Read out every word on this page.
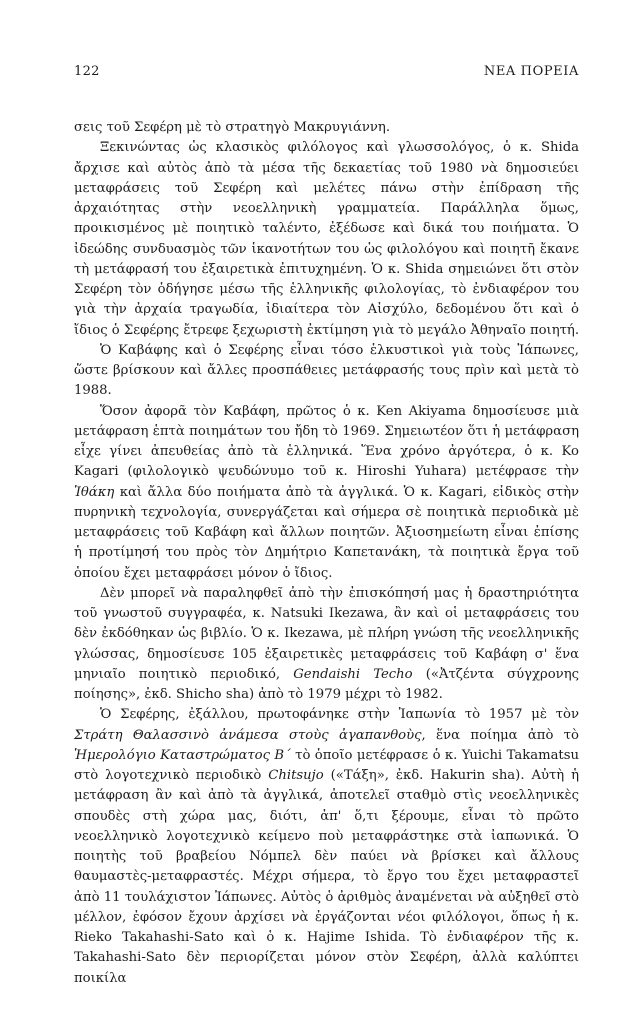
122	ΝΕΑ ΠΟΡΕΙΑ

σεις τοῦ Σεφέρη μὲ τὸ στρατηγὸ Μακρυγιάννη.

Ξεκινώντας ὡς κλασικὸς φιλόλογος καὶ γλωσσολόγος, ὁ κ. Shida ἄρχισε καὶ αὐτὸς ἀπὸ τὰ μέσα τῆς δεκαετίας τοῦ 1980 νὰ δημοσιεύει μεταφράσεις τοῦ Σεφέρη καὶ μελέτες πάνω στὴν ἐπίδραση τῆς ἀρχαιότητας στὴν νεοελληνικὴ γραμματεία. Παράλληλα ὅμως, προικισμένος μὲ ποιητικὸ ταλέντο, ἐξέδωσε καὶ δικά του ποιήματα. Ὁ ἰδεώδης συνδυασμὸς τῶν ἱκανοτήτων του ὡς φιλολόγου καὶ ποιητῆ ἔκανε τὴ μετάφρασή του ἐξαιρετικὰ ἐπιτυχημένη. Ὁ κ. Shida σημειώνει ὅτι στὸν Σεφέρη τὸν ὁδήγησε μέσω τῆς ἑλληνικῆς φιλολογίας, τὸ ἐνδιαφέρον του γιὰ τὴν ἀρχαία τραγωδία, ἰδιαίτερα τὸν Αἰσχύλο, δεδομένου ὅτι καὶ ὁ ἴδιος ὁ Σεφέρης ἔτρεφε ξεχωριστὴ ἐκτίμηση γιὰ τὸ μεγάλο Ἀθηναῖο ποιητή.

Ὁ Καβάφης καὶ ὁ Σεφέρης εἶναι τόσο ἑλκυστικοὶ γιὰ τοὺς Ἰάπωνες, ὥστε βρίσκουν καὶ ἄλλες προσπάθειες μετάφρασής τους πρὶν καὶ μετὰ τὸ 1988.

Ὅσον ἀφορᾶ τὸν Καβάφη, πρῶτος ὁ κ. Ken Akiyama δημοσίευσε μιὰ μετάφραση ἑπτὰ ποιημάτων του ἤδη τὸ 1969. Σημειωτέον ὅτι ἡ μετάφραση εἶχε γίνει ἀπευθείας ἀπὸ τὰ ἑλληνικά. Ἕνα χρόνο ἀργότερα, ὁ κ. Ko Kagari (φιλολογικὸ ψευδώνυμο τοῦ κ. Hiroshi Yuhara) μετέφρασε τὴν Ἰθάκη καὶ ἄλλα δύο ποιήματα ἀπὸ τὰ ἀγγλικά. Ὁ κ. Kagari, εἰδικὸς στὴν πυρηνικὴ τεχνολογία, συνεργάζεται καὶ σήμερα σὲ ποιητικὰ περιοδικὰ μὲ μεταφράσεις τοῦ Καβάφη καὶ ἄλλων ποιητῶν. Ἀξιοσημείωτη εἶναι ἐπίσης ἡ προτίμησή του πρὸς τὸν Δημήτριο Καπετανάκη, τὰ ποιητικὰ ἔργα τοῦ ὁποίου ἔχει μεταφράσει μόνον ὁ ἴδιος.

Δὲν μπορεῖ νὰ παραληφθεῖ ἀπὸ τὴν ἐπισκόπησή μας ἡ δραστηριότητα τοῦ γνωστοῦ συγγραφέα, κ. Natsuki Ikezawa, ἂν καὶ οἱ μεταφράσεις του δὲν ἐκδόθηκαν ὡς βιβλίο. Ὁ κ. Ikezawa, μὲ πλήρη γνώση τῆς νεοελληνικῆς γλώσσας, δημοσίευσε 105 ἐξαιρετικὲς μεταφράσεις τοῦ Καβάφη σ' ἕνα μηνιαῖο ποιητικὸ περιοδικό, Gendaishi Techo («Ἀτζέντα σύγχρονης ποίησης», ἐκδ. Shicho sha) ἀπὸ τὸ 1979 μέχρι τὸ 1982.

Ὁ Σεφέρης, ἐξάλλου, πρωτοφάνηκε στὴν Ἰαπωνία τὸ 1957 μὲ τὸν Στράτη Θαλασσινὸ ἀνάμεσα στοὺς ἀγαπανθοὺς, ἕνα ποίημα ἀπὸ τὸ Ἡμερολόγιο Καταστρώματος Β΄ τὸ ὁποῖο μετέφρασε ὁ κ. Yuichi Takamatsu στὸ λογοτεχνικὸ περιοδικὸ Chitsujo («Τάξη», ἐκδ. Hakurin sha). Αὐτὴ ἡ μετάφραση ἂν καὶ ἀπὸ τὰ ἀγγλικά, ἀποτελεῖ σταθμὸ στὶς νεοελληνικὲς σπουδὲς στὴ χώρα μας, διότι, ἀπ' ὅ,τι ξέρουμε, εἶναι τὸ πρῶτο νεοελληνικὸ λογοτεχνικὸ κείμενο ποὺ μεταφράστηκε στὰ ἰαπωνικά. Ὁ ποιητὴς τοῦ βραβείου Νόμπελ δὲν παύει νὰ βρίσκει καὶ ἄλλους θαυμαστὲς-μεταφραστές. Μέχρι σήμερα, τὸ ἔργο του ἔχει μεταφραστεῖ ἀπὸ 11 τουλάχιστον Ἰάπωνες. Αὐτὸς ὁ ἀριθμὸς ἀναμένεται νὰ αὐξηθεῖ στὸ μέλλον, ἐφόσον ἔχουν ἀρχίσει νὰ ἐργάζονται νέοι φιλόλογοι, ὅπως ἡ κ. Rieko Takahashi-Sato καὶ ὁ κ. Hajime Ishida. Τὸ ἐνδιαφέρον τῆς κ. Takahashi-Sato δὲν περιορίζεται μόνον στὸν Σεφέρη, ἀλλὰ καλύπτει ποικίλα
